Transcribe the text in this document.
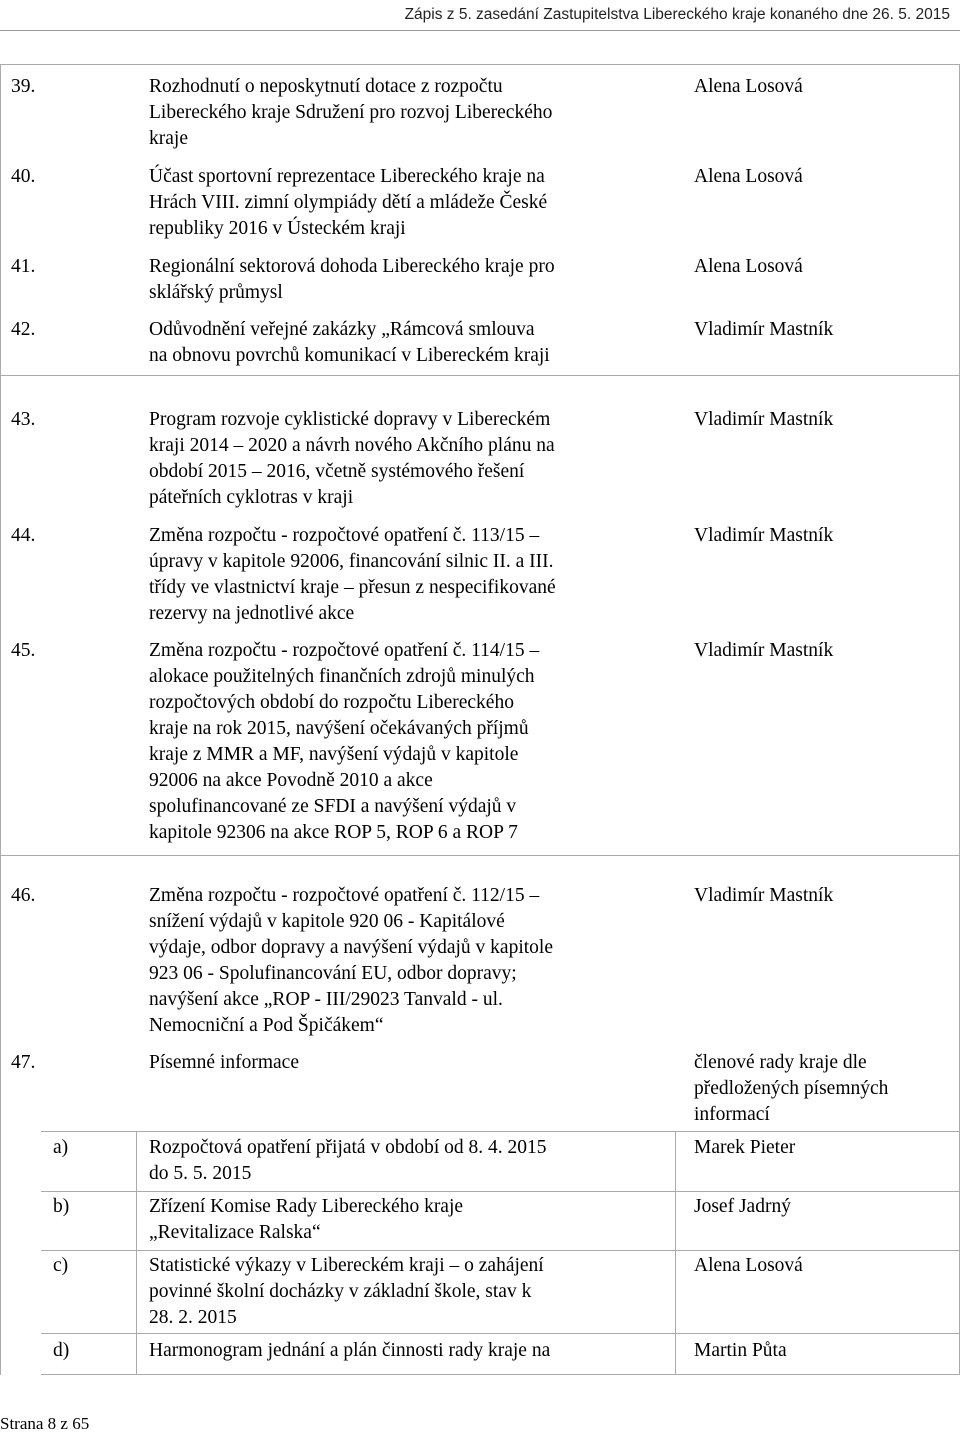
Zápis z 5. zasedání Zastupitelstva Libereckého kraje konaného dne 26. 5. 2015
39.	Rozhodnutí o neposkytnutí dotace z rozpočtu
Libereckého kraje Sdružení pro rozvoj Libereckého
kraje
Alena Losová
40.	Účast sportovní reprezentace Libereckého kraje na
Hrách VIII. zimní olympiády dětí a mládeže České
republiky 2016 v Ústeckém kraji
Alena Losová
41.	Regionální sektorová dohoda Libereckého kraje pro
sklářský průmysl
Alena Losová
42.	Odůvodnění veřejné zakázky „Rámcová smlouva
na obnovu povrchů komunikací v Libereckém kraji
Vladimír Mastník
43.	Program rozvoje cyklistické dopravy v Libereckém
kraji 2014 – 2020 a návrh nového Akčního plánu na
období 2015 – 2016, včetně systémového řešení
páteřních cyklotras v kraji
Vladimír Mastník
44.	Změna rozpočtu - rozpočtové opatření č. 113/15 –
úpravy v kapitole 92006, financování silnic II. a III.
třídy ve vlastnictví kraje – přesun z nespecifikované
rezervy na jednotlivé akce
Vladimír Mastník
45.	Změna rozpočtu - rozpočtové opatření č. 114/15 –
alokace použitelných finančních zdrojů minulých
rozpočtových období do rozpočtu Libereckého
kraje na rok 2015, navýšení očekávaných příjmů
kraje z MMR a MF, navýšení výdajů v kapitole
92006 na akce Povodně 2010 a akce
spolufinancované ze SFDI a navýšení výdajů v
kapitole 92306 na akce ROP 5, ROP 6 a ROP 7
Vladimír Mastník
46.	Změna rozpočtu - rozpočtové opatření č. 112/15 –
snížení výdajů v kapitole 920 06 - Kapitálové
výdaje, odbor dopravy a navýšení výdajů v kapitole
923 06 - Spolufinancování EU, odbor dopravy;
navýšení akce „ROP - III/29023 Tanvald - ul.
Nemocniční a Pod Špičákem“
Vladimír Mastník
47.	Písemné informace	členové rady kraje dle
předložených písemných
informací
a)	Rozpočtová opatření přijatá v období od 8. 4. 2015
do 5. 5. 2015
Marek Pieter
b)	Zřízení Komise Rady Libereckého kraje
„Revitalizace Ralska“
Josef Jadrný
c)	Statistické výkazy v Libereckém kraji – o zahájení
povinné školní docházky v základní škole, stav k
28. 2. 2015
Alena Losová
d)	Harmonogram jednání a plán činnosti rady kraje na	Martin Půta
Strana 8 z 65
